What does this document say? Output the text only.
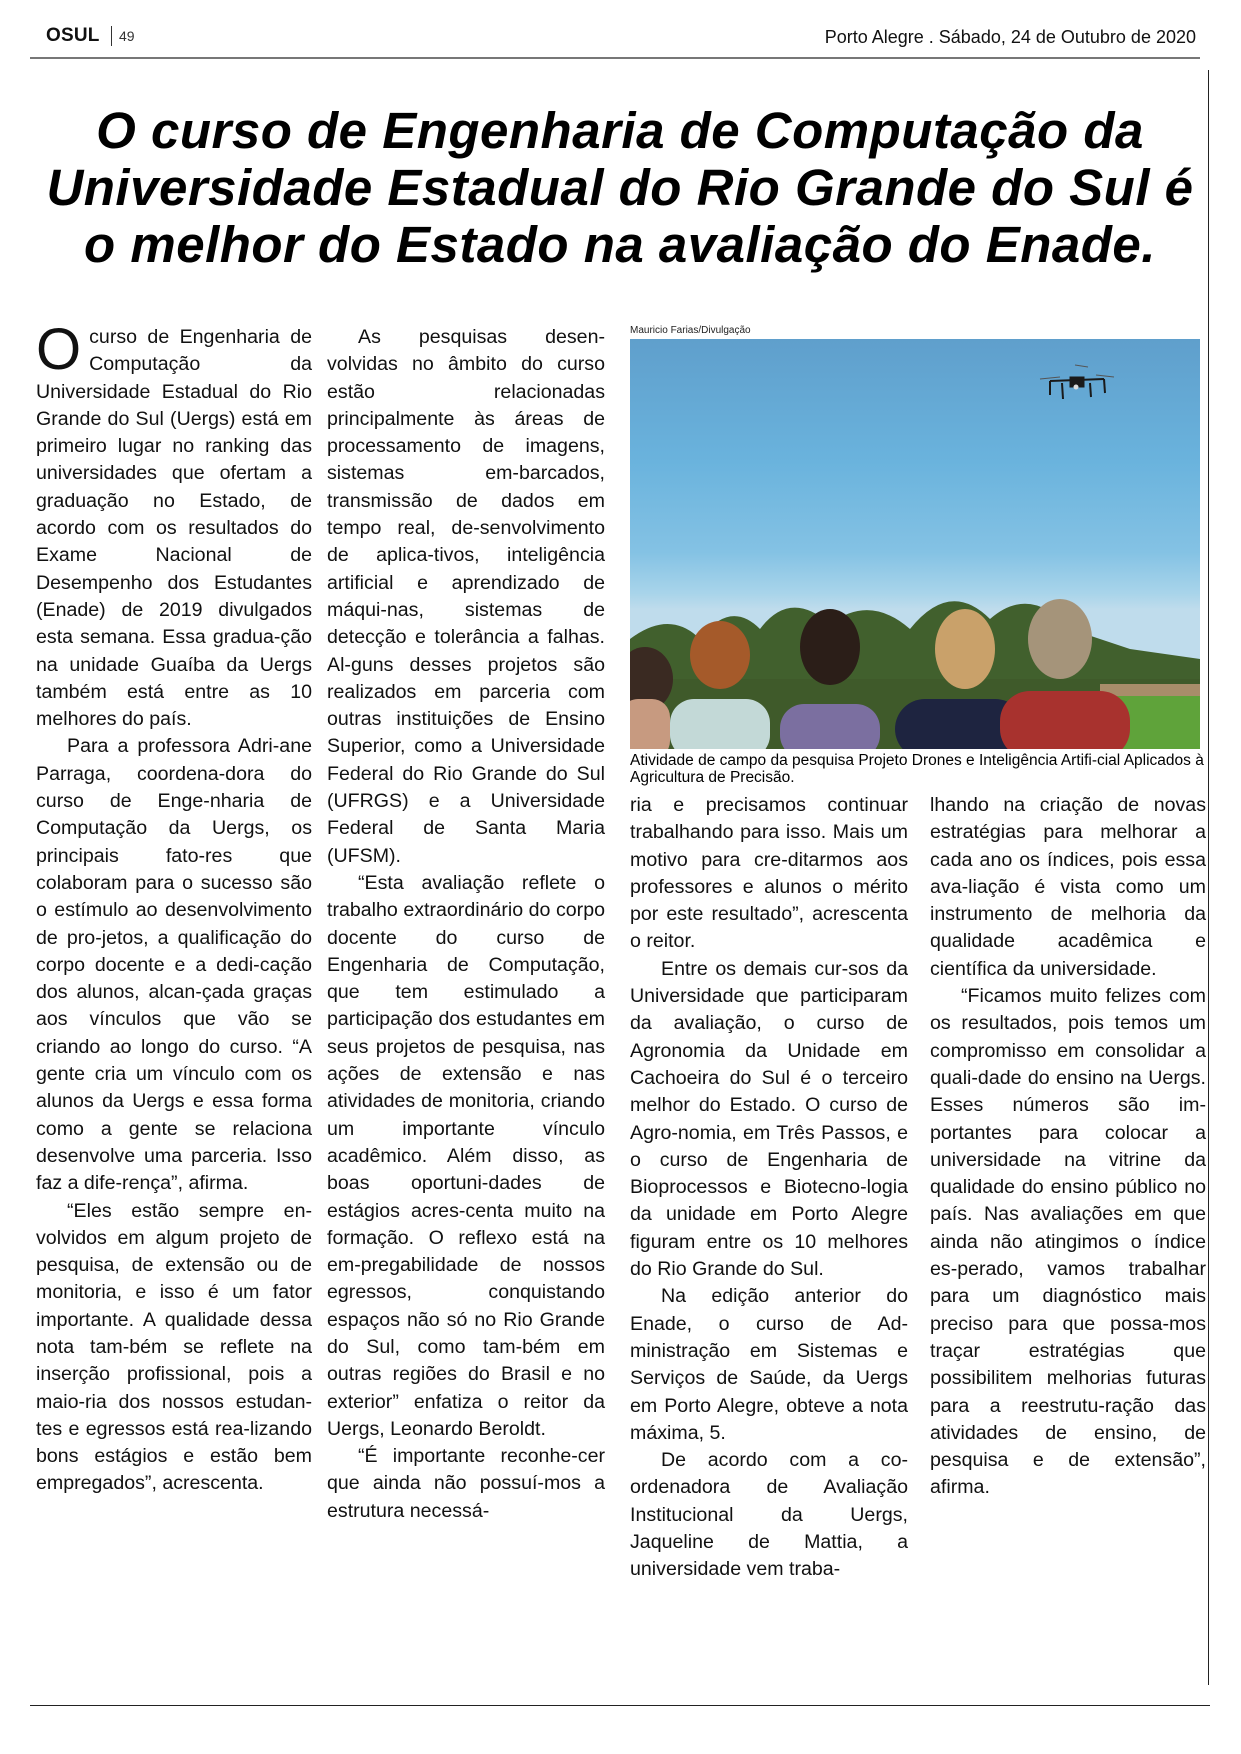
OSUL 49	Porto Alegre . Sábado, 24 de Outubro de 2020
O curso de Engenharia de Computação da Universidade Estadual do Rio Grande do Sul é o melhor do Estado na avaliação do Enade.

Ocurso de Engenharia de Computação da Universidade Estadual do Rio Grande do Sul (Uergs) está em primeiro lugar no ranking das universidades que ofertam a graduação no Estado, de acordo com os resultados do Exame Nacional de Desempenho dos Estudantes (Enade) de 2019 divulgados esta semana. Essa gradua-ção na unidade Guaíba da Uergs também está entre as 10 melhores do país.

Para a professora Adri-ane Parraga, coordena-dora do curso de Enge-nharia de Computação da Uergs, os principais fato-res que colaboram para o sucesso são o estímulo ao desenvolvimento de pro-jetos, a qualificação do corpo docente e a dedi-cação dos alunos, alcan-çada graças aos vínculos que vão se criando ao longo do curso. “A gente cria um vínculo com os alunos da Uergs e essa forma como a gente se relaciona desenvolve uma parceria. Isso faz a dife-rença”, afirma.

“Eles estão sempre en-volvidos em algum projeto de pesquisa, de extensão ou de monitoria, e isso é um fator importante. A qualidade dessa nota tam-bém se reflete na inserção profissional, pois a maio-ria dos nossos estudan-tes e egressos está rea-lizando bons estágios e estão bem empregados”, acrescenta.

As pesquisas desen-volvidas no âmbito do curso estão relacionadas principalmente às áreas de processamento de imagens, sistemas em-barcados, transmissão de dados em tempo real, de-senvolvimento de aplica-tivos, inteligência artificial e aprendizado de máqui-nas, sistemas de detecção e tolerância a falhas. Al-guns desses projetos são realizados em parceria com outras instituições de Ensino Superior, como a Universidade Federal do Rio Grande do Sul (UFRGS) e a Universidade Federal de Santa Maria (UFSM).

“Esta avaliação reflete o trabalho extraordinário do corpo docente do curso de Engenharia de Computação, que tem estimulado a participação dos estudantes em seus projetos de pesquisa, nas ações de extensão e nas atividades de monitoria, criando um importante vínculo acadêmico. Além disso, as boas oportuni-dades de estágios acres-centa muito na formação. O reflexo está na em-pregabilidade de nossos egressos, conquistando espaços não só no Rio Grande do Sul, como tam-bém em outras regiões do Brasil e no exterior” enfatiza o reitor da Uergs, Leonardo Beroldt.

“É importante reconhe-cer que ainda não possuí-mos a estrutura necessá-

Mauricio Farias/Divulgação
Atividade de campo da pesquisa Projeto Drones e Inteligência Artifi-cial Aplicados à Agricultura de Precisão.

ria e precisamos continuar trabalhando para isso. Mais um motivo para cre-ditarmos aos professores e alunos o mérito por este resultado”, acrescenta o reitor.

Entre os demais cur-sos da Universidade que participaram da avaliação, o curso de Agronomia da Unidade em Cachoeira do Sul é o terceiro melhor do Estado. O curso de Agro-nomia, em Três Passos, e o curso de Engenharia de Bioprocessos e Biotecno-logia da unidade em Porto Alegre figuram entre os 10 melhores do Rio Grande do Sul.

Na edição anterior do Enade, o curso de Ad-ministração em Sistemas e Serviços de Saúde, da Uergs em Porto Alegre, obteve a nota máxima, 5.

De acordo com a co-ordenadora de Avaliação Institucional da Uergs, Jaqueline de Mattia, a universidade vem traba-

lhando na criação de novas estratégias para melhorar a cada ano os índices, pois essa ava-liação é vista como um instrumento de melhoria da qualidade acadêmica e científica da universidade.

“Ficamos muito felizes com os resultados, pois temos um compromisso em consolidar a quali-dade do ensino na Uergs. Esses números são im-portantes para colocar a universidade na vitrine da qualidade do ensino público no país. Nas avaliações em que ainda não atingimos o índice es-perado, vamos trabalhar para um diagnóstico mais preciso para que possa-mos traçar estratégias que possibilitem melhorias futuras para a reestrutu-ração das atividades de ensino, de pesquisa e de extensão”, afirma.
